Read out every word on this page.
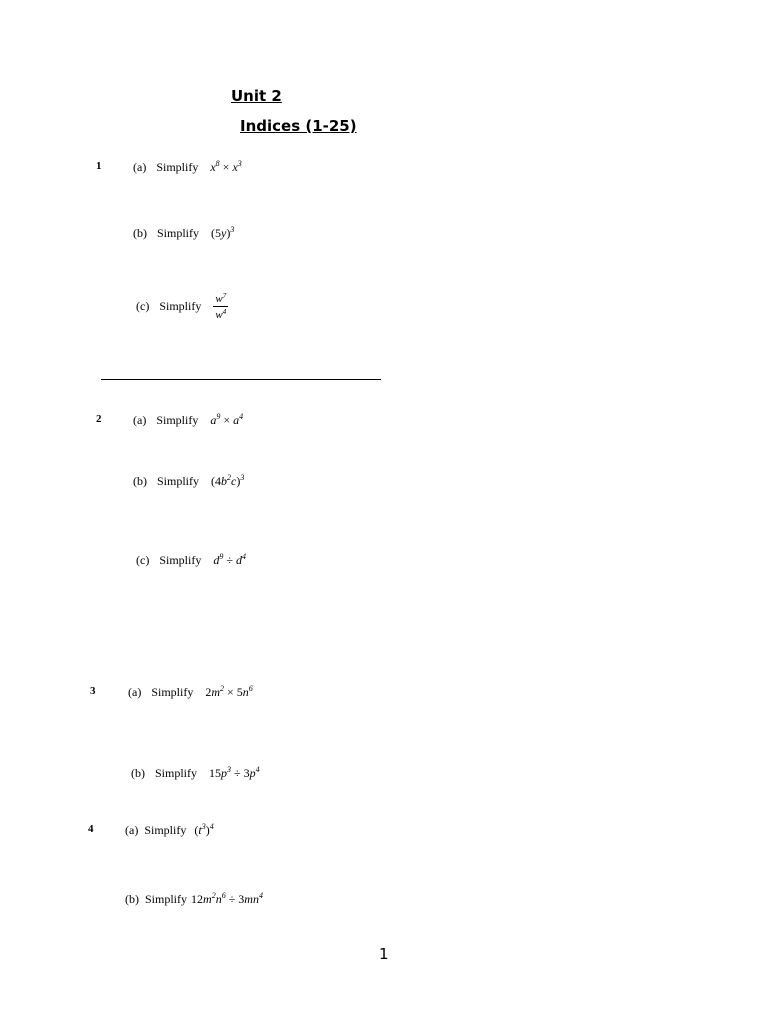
Unit 2
Indices (1-25)
1	(a) Simplify $x^8 \times x^3$
(b) Simplify $(5y)^3$
(c) Simplify $\frac{w^7}{w^4}$
2	(a) Simplify $a^9 \times a^4$
(b) Simplify $(4b^2c)^3$
(c) Simplify $d^9 \div d^4$
3	(a) Simplify $2m^2 \times 5n^6$
(b) Simplify $15p^3 \div 3p^4$
4	(a) Simplify $(t^3)^4$
(b) Simplify $12m^2n^6 \div 3mn^4$
1
